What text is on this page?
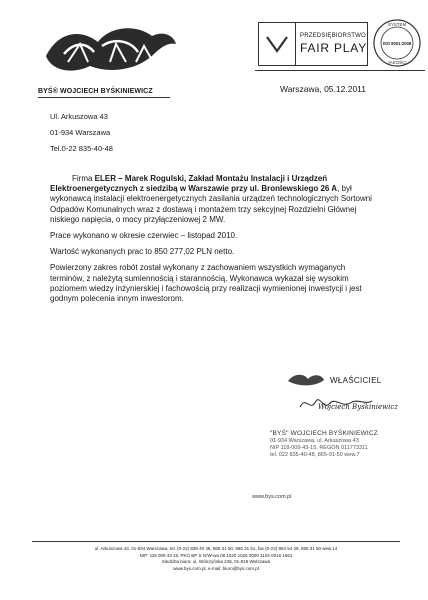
BYŚ® WOJCIECH BYŚKINIEWICZ
PRZEDSIĘBIORSTWO
FAIR PLAY
SYSTEM
ISO 9001:2008
JAKOŚCI
Ul. Arkuszowa 43
01-934 Warszawa
Tel.0-22 835-40-48
Warszawa, 05.12.2011

Firma ELER – Marek Rogulski, Zakład Montażu Instalacji i Urządzeń Elektroenergetycznych z siedzibą w Warszawie przy ul. Bronlewskiego 26 A, był wykonawcą instalacji elektroenergetycznych zasilania urządzeń technologicznych Sortowni Odpadów Komunalnych wraz z dostawą i montażem trzy sekcyjnej Rozdzielni Głównej niskiego napięcia, o mocy przyłączeniowej 2 MW.

Prace wykonano w okresie czerwiec – listopad 2010.

Wartość wykonanych prac to 850 277,02 PLN netto.

Powierzony zakres robót został wykonany z zachowaniem wszystkich wymaganych terminów, z należytą sumiennością i starannością. Wykonawca wykazał się wysokim poziomem wiedzy inżynierskiej i fachowością przy realizacji wymienionej inwestycji i jest godnym polecenia innym inwestorom.

WŁAŚCICIEL
Wojciech Byśkiniewicz
"BYŚ" WOJCIECH BYŚKINIEWICZ
01-934 Warszawa, ul. Arkuszowa 43
NIP 118-009-43-15, REGON 011773311
tel. 022 835-40-48, 865-91-50 wew.7
www.bys.com.pl
ul. Arkuszowa 43, 01-934 Warszawa, tel. (0-22) 835 40 48, 865 31 50, 865 31 51, fax (0-22) 864 54 29, 865 31 50 wew.14
NIP: 118 009 43 15, PKO BP S O/W-wa 08 1020 1026 0000 1102 0016 1661
Siedziba biura: ul. Wólczyńska 249, 01-919 Warszawa
www.bys.com.pl, e-mail: biuro@bys.com.pl
